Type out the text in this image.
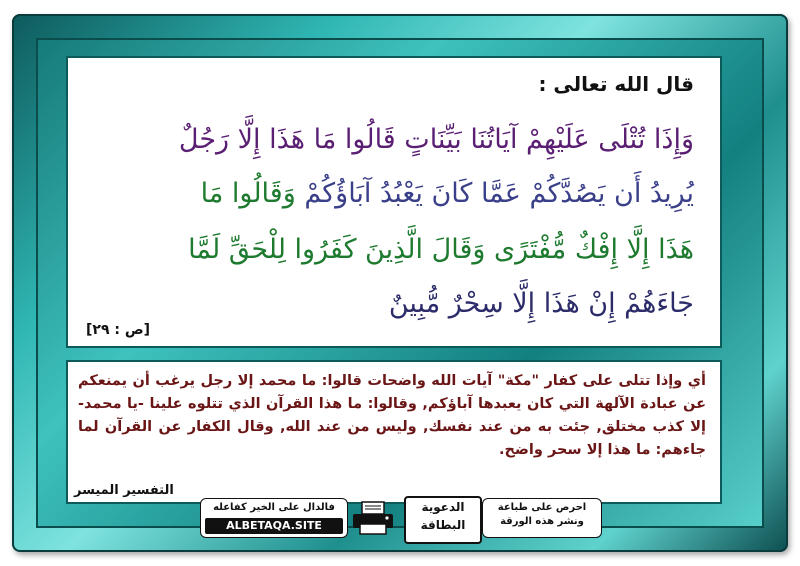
قال الله تعالى :
وَإِذَا تُتْلَى عَلَيْهِمْ آيَاتُنَا بَيِّنَاتٍ قَالُوا مَا هَذَا إِلَّا رَجُلٌ
يُرِيدُ أَن يَصُدَّكُمْ عَمَّا كَانَ يَعْبُدُ آبَاؤُكُمْ وَقَالُوا مَا
هَذَا إِلَّا إِفْكٌ مُّفْتَرًى وَقَالَ الَّذِينَ كَفَرُوا لِلْحَقِّ لَمَّا
جَاءَهُمْ إِنْ هَذَا إِلَّا سِحْرٌ مُّبِينٌ
[ص : ٢٩]
أي وإذا تتلى على كفار "مكة" آيات الله واضحات قالوا: ما محمد إلا رجل يرغب أن يمنعكم عن عبادة الآلهة التي كان يعبدها آباؤكم, وقالوا: ما هذا القرآن الذي تتلوه علينا -يا محمد- إلا كذب مختلق, جئت به من عند نفسك, وليس من عند الله, وقال الكفار عن القرآن لما جاءهم: ما هذا إلا سحر واضح.
التفسير الميسر
فالدال على الخير كفاعله
ALBETAQA.SITE
الدعوية
البطاقة
احرص على طباعة
ونشر هذه الورقة
